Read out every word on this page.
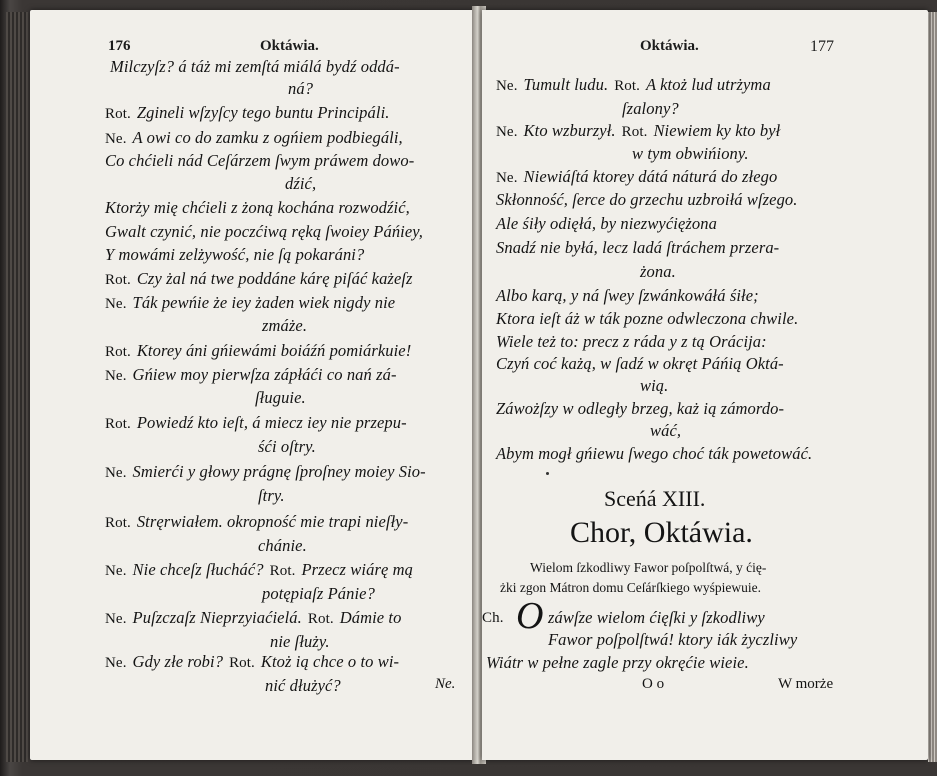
176	Oktáwia.
Milczyſz? á táż mi zemſtá miálá bydź oddá-
ná?
Rot. Zgineli wſzyſcy tego buntu Principáli.
Ne. A owi co do zamku z ogńiem podbiegáli,
Co chćieli nád Ceſárzem ſwym práwem dowo-
dźić,
Ktorży mię chćieli z żoną kochána rozwodźić,
Gwalt czynić, nie poczćiwą ręką ſwoiey Páńiey,
Y mowámi zelżywość, nie ſą pokaráni?
Rot. Czy żal ná twe poddáne kárę piſáć każeſz
Ne. Ták pewńie że iey żaden wiek nigdy nie
zmáże.
Rot. Ktorey áni gńiewámi boiáźń pomiárkuie!
Ne. Gńiew moy pierwſza zápłáći co nań zá-
ſługuie.
Rot. Powiedź kto ieſt, á miecz iey nie przepu-
śći oſtry.
Ne. Smierći y głowy prágnę ſproſney moiey Sio-
ſtry.
Rot. Stręrwiałem. okropność mie trapi nieſły-
chánie.
Ne. Nie chceſz ſłucháć? Rot. Przecz wiárę mą
potępiaſz Pánie?
Ne. Puſzczaſz Nieprzyiaćielá. Rot. Dámie to
nie ſłuży.
Ne. Gdy złe robi? Rot. Ktoż ią chce o to wi-
nić dłużyć?	Ne.
Oktáwia.	177
Ne. Tumult ludu. Rot. A ktoż lud utrżyma
ſzalony?
Ne. Kto wzburzył. Rot. Niewiem ky kto był
w tym obwińiony.
Ne. Niewiáſtá ktorey dátá náturá do złego
Skłonność, ſerce do grzechu uzbroiłá wſzego.
Ale śiły odięłá, by niezwyćiężona
Snadź nie byłá, lecz ladá ſtráchem przera-
żona.
Albo karą, y ná ſwey ſzwánkowáłá śiłe;
Ktora ieſt áż w ták pozne odwleczona chwile.
Wiele też to: precz z ráda y z tą Orácija:
Czyń coć każą, w ſadź w okręt Páńią Oktá-
wią.
Záwożſzy w odległy brzeg, każ ią zámordo-
wáć,
Abym mogł gńiewu ſwego choć ták powetowáć.
Sceńá XIII.
Chor, Oktáwia.
Wielom ſzkodliwy Fawor poſpolſtwá, y ćię-
żki zgon Mátron domu Ceſárſkiego wyśpiewuie.
Ch. O záwſze wielom ćięſki y ſzkodliwy
Fawor poſpolſtwá! ktory iák życzliwy
Wiátr w pełne zagle przy okręćie wieie.
O o	W morże
